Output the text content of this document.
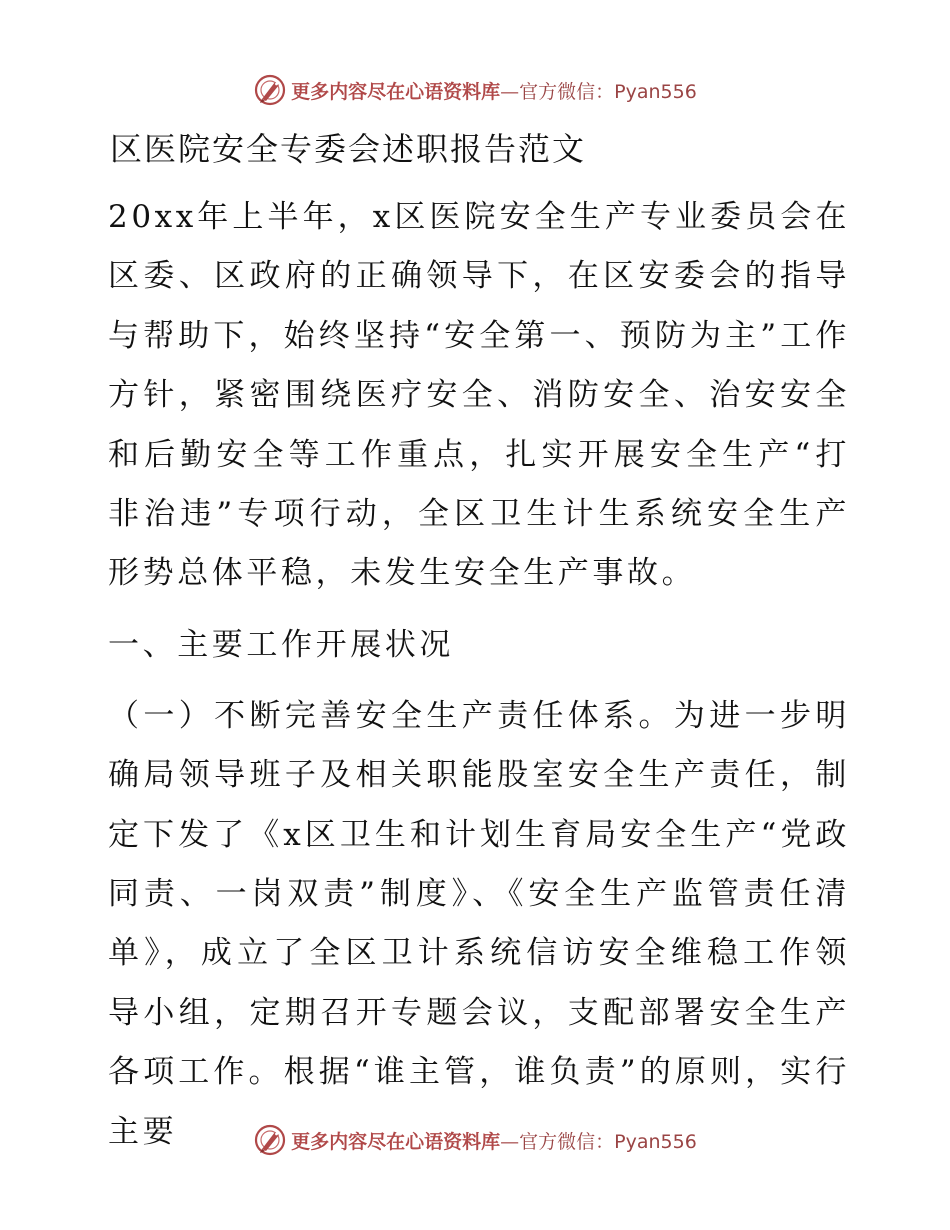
更多内容尽在心语资料库—官方微信：Pyan556
区医院安全专委会述职报告范文
20xx年上半年，x区医院安全生产专业委员会在区委、区政府的正确领导下，在区安委会的指导与帮助下，始终坚持“安全第一、预防为主”工作方针，紧密围绕医疗安全、消防安全、治安安全和后勤安全等工作重点，扎实开展安全生产“打非治违”专项行动，全区卫生计生系统安全生产形势总体平稳，未发生安全生产事故。
一、主要工作开展状况
（一）不断完善安全生产责任体系。为进一步明确局领导班子及相关职能股室安全生产责任，制定下发了《x区卫生和计划生育局安全生产“党政同责、一岗双责”制度》、《安全生产监管责任清单》，成立了全区卫计系统信访安全维稳工作领导小组，定期召开专题会议，支配部署安全生产各项工作。根据“谁主管，谁负责”的原则，实行主要	更多内容尽在心语资料库—官方微信：Pyan556
